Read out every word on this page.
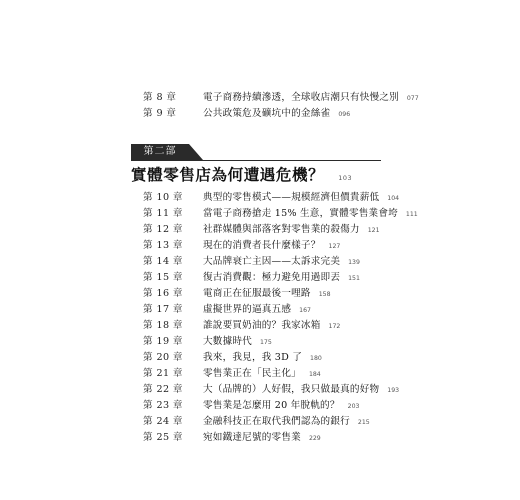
第 8 章	電子商務持續滲透，全球收店潮只有快慢之別 077
第 9 章	公共政策危及礦坑中的金絲雀 096
第二部
實體零售店為何遭遇危機？ 103
第 10 章	典型的零售模式——規模經濟但價貴薪低 104
第 11 章	當電子商務搶走 15% 生意，實體零售業會垮 111
第 12 章	社群媒體與部落客對零售業的殺傷力 121
第 13 章	現在的消費者長什麼樣子？ 127
第 14 章	大品牌衰亡主因——太訴求完美 139
第 15 章	復古消費觀：極力避免用過即丟 151
第 16 章	電商正在征服最後一哩路 158
第 17 章	虛擬世界的逼真五感 167
第 18 章	誰說要買奶油的？我家冰箱 172
第 19 章	大數據時代 175
第 20 章	我來，我見，我 3D 了 180
第 21 章	零售業正在「民主化」 184
第 22 章	大（品牌的）人好假，我只做最真的好物 193
第 23 章	零售業是怎麼用 20 年脫軌的？ 203
第 24 章	金融科技正在取代我們認為的銀行 215
第 25 章	宛如鐵達尼號的零售業 229
